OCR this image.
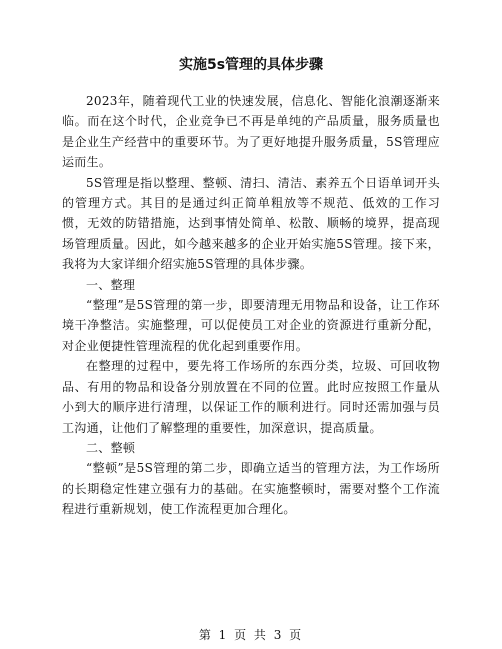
实施5s管理的具体步骤

2023年，随着现代工业的快速发展，信息化、智能化浪潮逐渐来临。而在这个时代，企业竞争已不再是单纯的产品质量，服务质量也是企业生产经营中的重要环节。为了更好地提升服务质量，5S管理应运而生。

5S管理是指以整理、整顿、清扫、清洁、素养五个日语单词开头的管理方式。其目的是通过纠正简单粗放等不规范、低效的工作习惯，无效的防错措施，达到事情处简单、松散、顺畅的境界，提高现场管理质量。因此，如今越来越多的企业开始实施5S管理。接下来，我将为大家详细介绍实施5S管理的具体步骤。

一、整理

“整理”是5S管理的第一步，即要清理无用物品和设备，让工作环境干净整洁。实施整理，可以促使员工对企业的资源进行重新分配，对企业便捷性管理流程的优化起到重要作用。

在整理的过程中，要先将工作场所的东西分类，垃圾、可回收物品、有用的物品和设备分别放置在不同的位置。此时应按照工作量从小到大的顺序进行清理，以保证工作的顺利进行。同时还需加强与员工沟通，让他们了解整理的重要性，加深意识，提高质量。

二、整顿

“整顿”是5S管理的第二步，即确立适当的管理方法，为工作场所的长期稳定性建立强有力的基础。在实施整顿时，需要对整个工作流程进行重新规划，使工作流程更加合理化。

第 1 页 共 3 页
